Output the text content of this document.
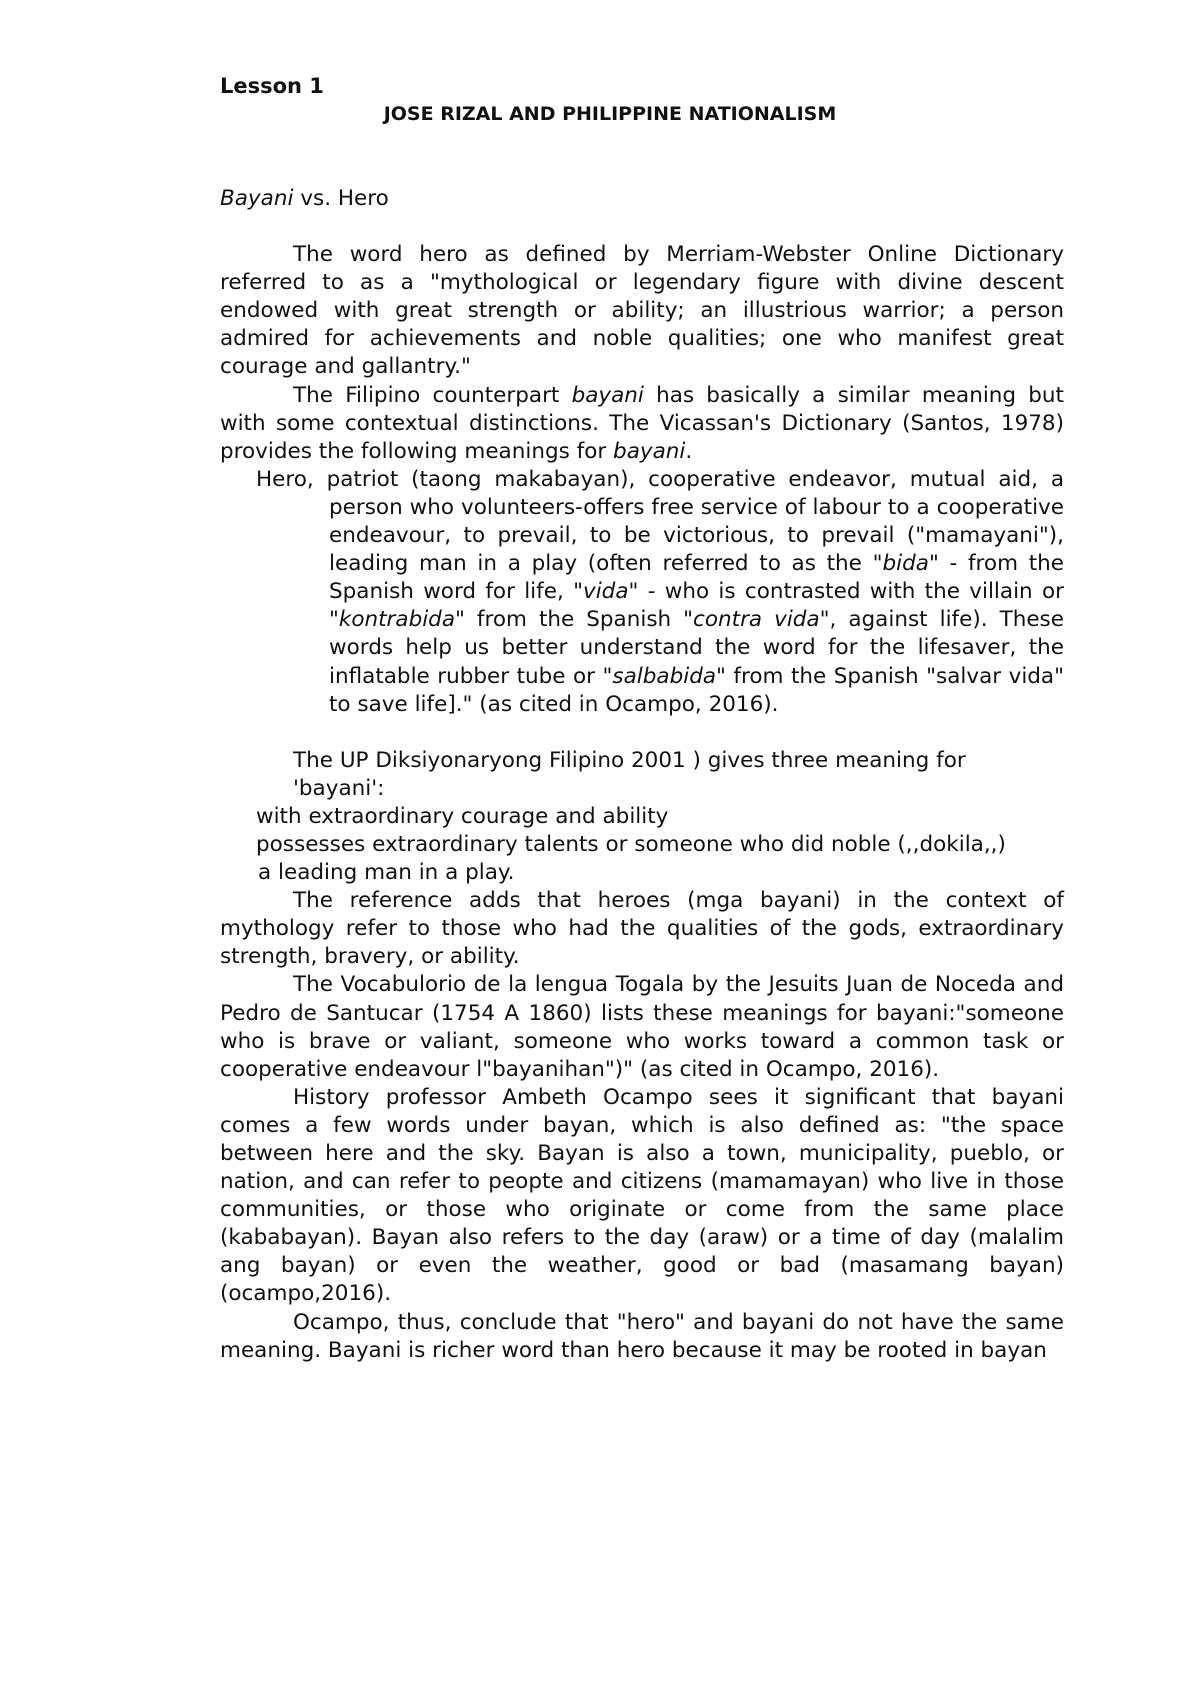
Lesson 1
JOSE RIZAL AND PHILIPPINE NATIONALISM

Bayani vs. Hero

The word hero as defined by Merriam-Webster Online Dictionary referred to as a "mythological or legendary figure with divine descent endowed with great strength or ability; an illustrious warrior; a person admired for achievements and noble qualities; one who manifest great courage and gallantry."

The Filipino counterpart bayani has basically a similar meaning but with some contextual distinctions. The Vicassan's Dictionary (Santos, 1978) provides the following meanings for bayani.

Hero, patriot (taong makabayan), cooperative endeavor, mutual aid, a person who volunteers-offers free service of labour to a cooperative endeavour, to prevail, to be victorious, to prevail ("mamayani"), leading man in a play (often referred to as the "bida" - from the Spanish word for life, "vida" - who is contrasted with the villain or "kontrabida" from the Spanish "contra vida", against life). These words help us better understand the word for the lifesaver, the inflatable rubber tube or "salbabida" from the Spanish "salvar vida" to save life]." (as cited in Ocampo, 2016).

The UP Diksiyonaryong Filipino 2001 ) gives three meaning for
'bayani':

with extraordinary courage and ability

possesses extraordinary talents or someone who did noble (,,dokila,,)

a leading man in a play.

The reference adds that heroes (mga bayani) in the context of mythology refer to those who had the qualities of the gods, extraordinary strength, bravery, or ability.

The Vocabulorio de la lengua Togala by the Jesuits Juan de Noceda and Pedro de Santucar (1754 A 1860) lists these meanings for bayani:"someone who is brave or valiant, someone who works toward a common task or cooperative endeavour l"bayanihan")" (as cited in Ocampo, 2016).

History professor Ambeth Ocampo sees it significant that bayani comes a few words under bayan, which is also defined as: "the space between here and the sky. Bayan is also a town, municipality, pueblo, or nation, and can refer to peopte and citizens (mamamayan) who live in those communities, or those who originate or come from the same place (kababayan). Bayan also refers to the day (araw) or a time of day (malalim ang bayan) or even the weather, good or bad (masamang bayan) (ocampo,2016).

Ocampo, thus, conclude that "hero" and bayani do not have the same meaning. Bayani is richer word than hero because it may be rooted in bayan
